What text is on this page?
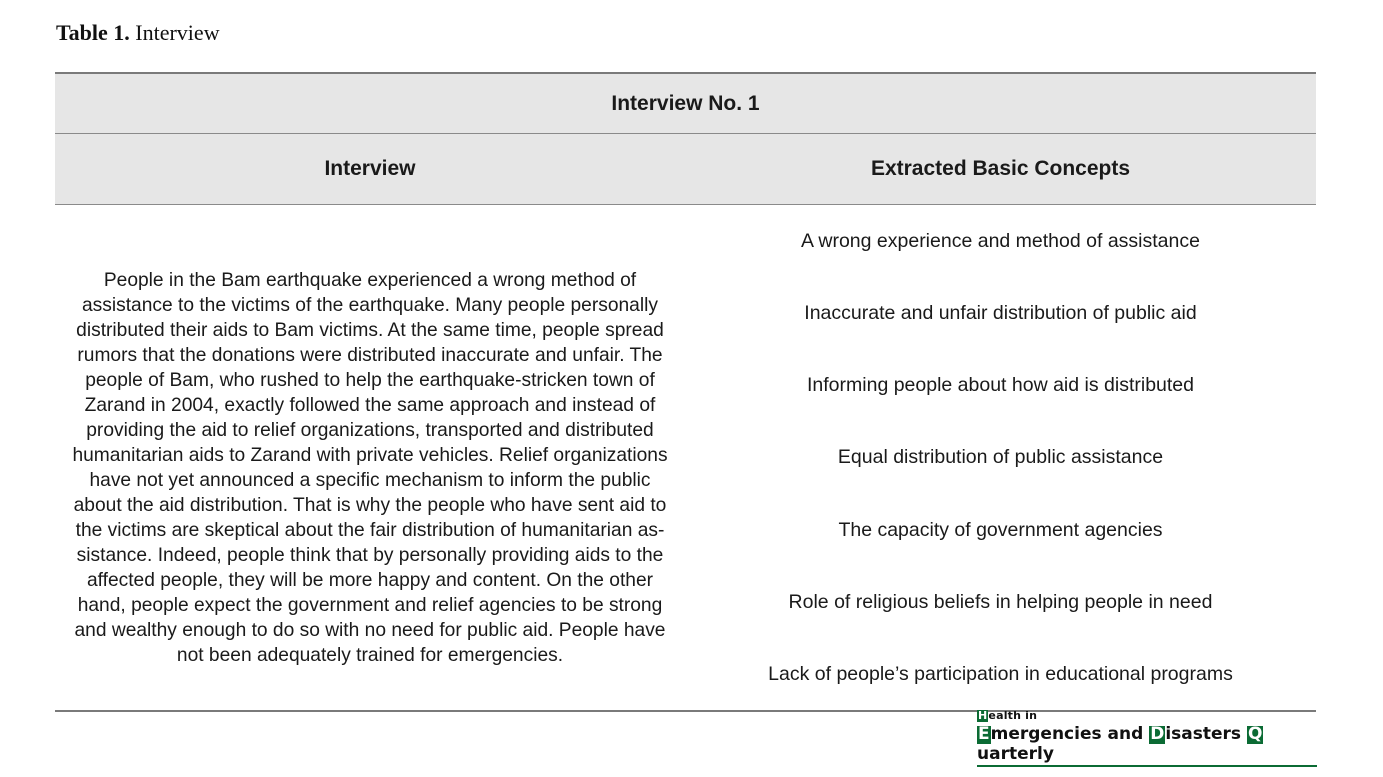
Table 1. Interview
Interview No. 1
Interview	Extracted Basic Concepts

People in the Bam earthquake experienced a wrong method of assistance to the victims of the earthquake. Many people personally distributed their aids to Bam victims. At the same time, people spread rumors that the donations were distributed inaccurate and unfair. The people of Bam, who rushed to help the earthquake-stricken town of Zarand in 2004, exactly followed the same approach and instead of providing the aid to relief organizations, transported and distributed humanitarian aids to Zarand with private vehicles. Relief organizations have not yet announced a specific mechanism to inform the public about the aid distribution. That is why the people who have sent aid to the victims are skeptical about the fair distribution of humanitarian assistance. Indeed, people think that by personally providing aids to the affected people, they will be more happy and content. On the other hand, people expect the government and relief agencies to be strong and wealthy enough to do so with no need for public aid. People have not been adequately trained for emergencies.

A wrong experience and method of assistance
Inaccurate and unfair distribution of public aid
Informing people about how aid is distributed
Equal distribution of public assistance
The capacity of government agencies
Role of religious beliefs in helping people in need
Lack of people’s participation in educational programs
Health in
Emergencies and Disasters Quarterly
